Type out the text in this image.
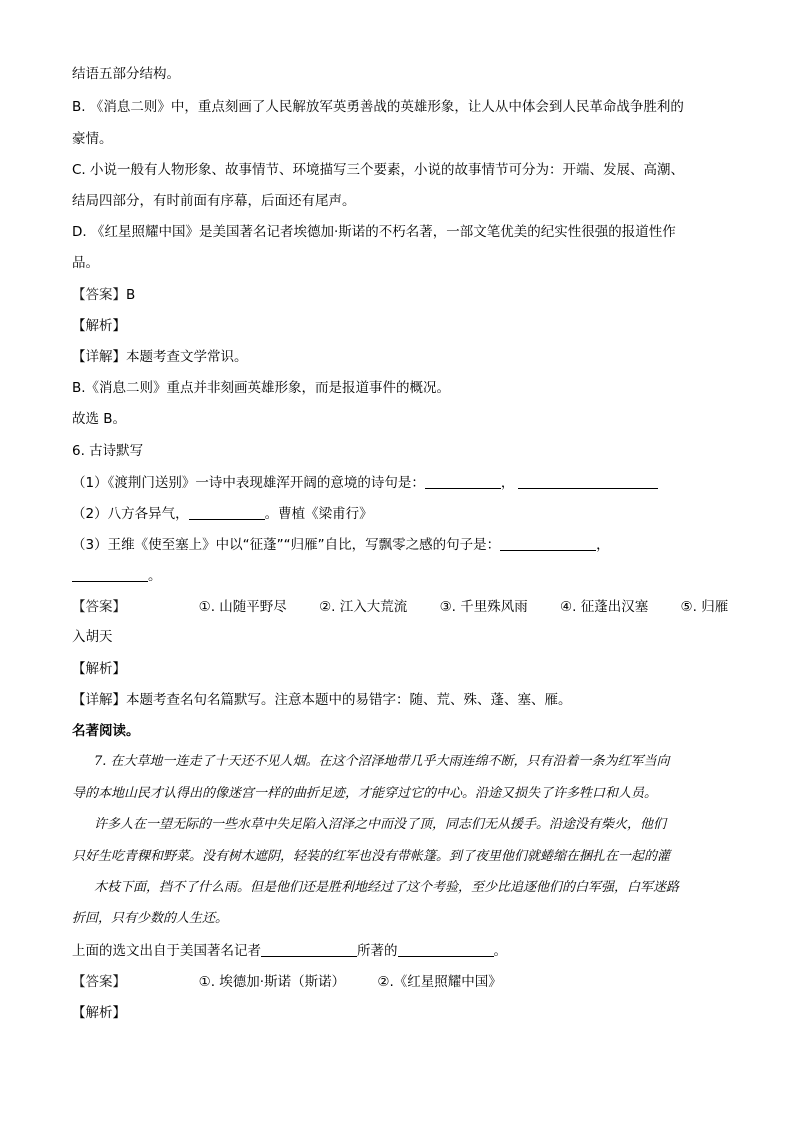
结语五部分结构。
B. 《消息二则》中，重点刻画了人民解放军英勇善战的英雄形象，让人从中体会到人民革命战争胜利的
豪情。
C. 小说一般有人物形象、故事情节、环境描写三个要素，小说的故事情节可分为：开端、发展、高潮、
结局四部分，有时前面有序幕，后面还有尾声。
D. 《红星照耀中国》是美国著名记者埃德加·斯诺的不朽名著，一部文笔优美的纪实性很强的报道性作
品。
【答案】B
【解析】
【详解】本题考查文学常识。
B.《消息二则》重点并非刻画英雄形象，而是报道事件的概况。
故选 B。
6. 古诗默写
（1）《渡荆门送别》一诗中表现雄浑开阔的意境的诗句是：	，
（2）八方各异气，	。曹植《梁甫行》
（3）王维《使至塞上》中以“征蓬”“归雁”自比，写飘零之感的句子是：	，
。
【答案】	①. 山随平野尽 ②. 江入大荒流 ③. 千里殊风雨 ④. 征蓬出汉塞 ⑤. 归雁
入胡天
【解析】
【详解】本题考查名句名篇默写。注意本题中的易错字：随、荒、殊、蓬、塞、雁。
名著阅读。
7. 在大草地一连走了十天还不见人烟。在这个沼泽地带几乎大雨连绵不断，只有沿着一条为红军当向
导的本地山民才认得出的像迷宫一样的曲折足迹，才能穿过它的中心。沿途又损失了许多牲口和人员。
许多人在一望无际的一些水草中失足陷入沼泽之中而没了顶，同志们无从援手。沿途没有柴火，他们
只好生吃青稞和野菜。没有树木遮阴，轻装的红军也没有带帐篷。到了夜里他们就蜷缩在捆扎在一起的灌
木枝下面，挡不了什么雨。但是他们还是胜利地经过了这个考验，至少比追逐他们的白军强，白军迷路
折回，只有少数的人生还。
上面的选文出自于美国著名记者	所著的	。
【答案】	①. 埃德加·斯诺（斯诺） ②.《红星照耀中国》
【解析】
